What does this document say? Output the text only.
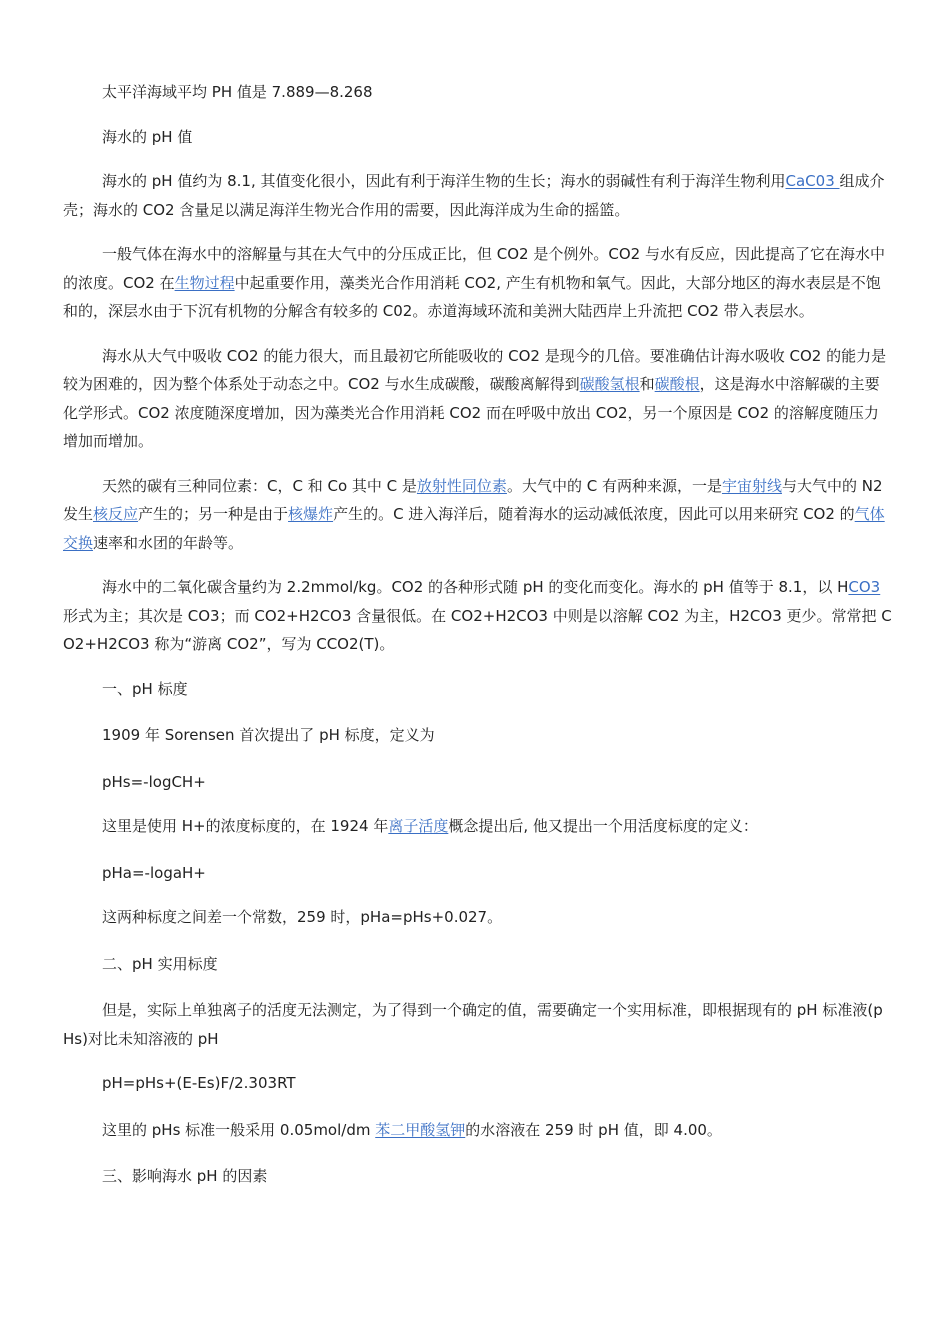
太平洋海域平均 PH 值是 7.889—8.268

海水的 pH 值

海水的 pH 值约为 8.1, 其值变化很小，因此有利于海洋生物的生长；海水的弱碱性有利于海洋生物利用CaC03 组成介壳；海水的 CO2 含量足以满足海洋生物光合作用的需要，因此海洋成为生命的摇篮。

一般气体在海水中的溶解量与其在大气中的分压成正比，但 CO2 是个例外。CO2 与水有反应，因此提高了它在海水中的浓度。CO2 在生物过程中起重要作用，藻类光合作用消耗 CO2, 产生有机物和氧气。因此，大部分地区的海水表层是不饱和的，深层水由于下沉有机物的分解含有较多的 C02。赤道海域环流和美洲大陆西岸上升流把 CO2 带入表层水。

海水从大气中吸收 CO2 的能力很大，而且最初它所能吸收的 CO2 是现今的几倍。要准确估计海水吸收 CO2 的能力是较为困难的，因为整个体系处于动态之中。CO2 与水生成碳酸，碳酸离解得到碳酸氢根和碳酸根，这是海水中溶解碳的主要化学形式。CO2 浓度随深度增加，因为藻类光合作用消耗 CO2 而在呼吸中放出 CO2，另一个原因是 CO2 的溶解度随压力增加而增加。

天然的碳有三种同位素：C，C 和 Co 其中 C 是放射性同位素。大气中的 C 有两种来源，一是宇宙射线与大气中的 N2 发生核反应产生的；另一种是由于核爆炸产生的。C 进入海洋后，随着海水的运动减低浓度，因此可以用来研究 CO2 的气体交换速率和水团的年龄等。

海水中的二氧化碳含量约为 2.2mmol/kg。CO2 的各种形式随 pH 的变化而变化。海水的 pH 值等于 8.1，以 HCO3 形式为主；其次是 CO3；而 CO2+H2CO3 含量很低。在 CO2+H2CO3 中则是以溶解 CO2 为主，H2CO3 更少。常常把 CO2+H2CO3 称为“游离 CO2”，写为 CCO2(T)。

一、pH 标度

1909 年 Sorensen 首次提出了 pH 标度，定义为

pHs=-logCH+

这里是使用 H+的浓度标度的，在 1924 年离子活度概念提出后, 他又提出一个用活度标度的定义：

pHa=-logaH+

这两种标度之间差一个常数，259 时，pHa=pHs+0.027。

二、pH 实用标度

但是，实际上单独离子的活度无法测定，为了得到一个确定的值，需要确定一个实用标准，即根据现有的 pH 标准液(pHs)对比未知溶液的 pH

pH=pHs+(E-Es)F/2.303RT

这里的 pHs 标准一般采用 0.05mol/dm 苯二甲酸氢钾的水溶液在 259 时 pH 值，即 4.00。

三、影响海水 pH 的因素
